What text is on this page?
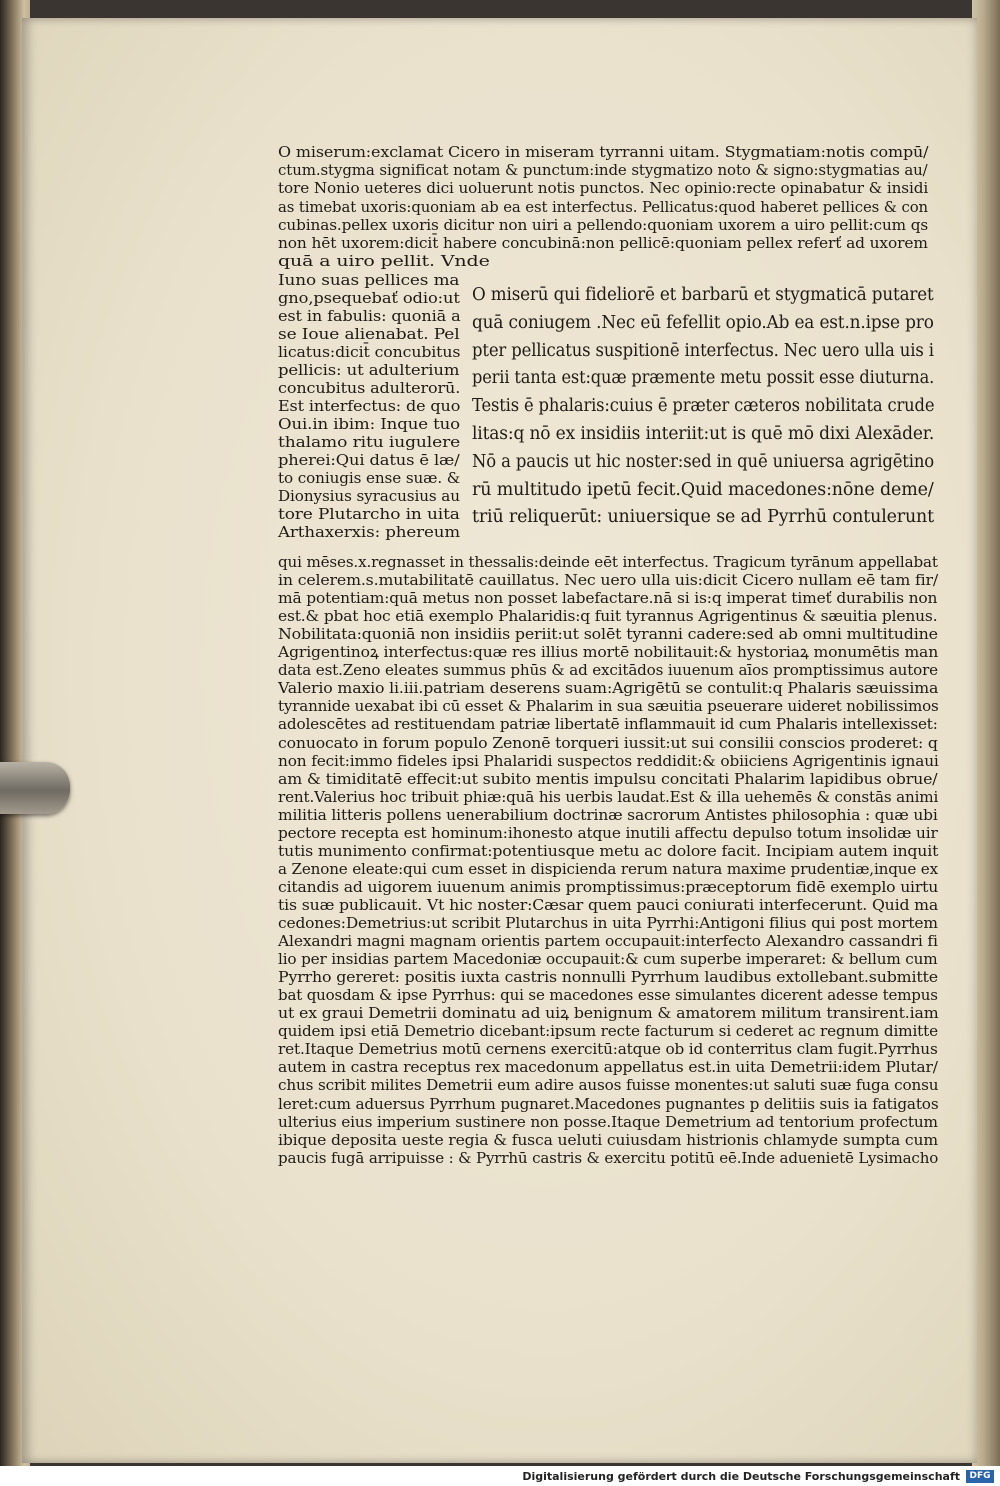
O miserum:exclamat Cicero in miseram tyrranni uitam. Stygmatiam:notis compū/
ctum.stygma significat notam & punctum:inde stygmatizo noto & signo:stygmatias au/
tore Nonio ueteres dici uoluerunt notis punctos. Nec opinio:recte opinabatur & insidi
as timebat uxoris:quoniam ab ea est interfectus. Pellicatus:quod haberet pellices & con
cubinas.pellex uxoris dicitur non uiri a pellendo:quoniam uxorem a uiro pellit:cum qs
non hēt uxorem:dicit̄ habere concubinā:non pellicē:quoniam pellex referť ad uxorem
quā a uiro pellit. Vnde
Iuno suas pellices ma
gno,psequebať odio:ut
est in fabulis: quoniā a
se Ioue alienabat. Pel
licatus:dicit̄ concubitus
pellicis: ut adulterium
concubitus adulterorū.
Est interfectus: de quo
Oui.in ibim: Inque tuo
thalamo ritu iugulere
pherei:Qui datus ē læ/
to coniugis ense suæ. &
Dionysius syracusius au
tore Plutarcho in uita
Arthaxerxis: phereum
O miserū qui fideliorē et barbarū et stygmaticā putaret
quā coniugem .Nec eū fefellit opio.Ab ea est.n.ipse pro
pter pellicatus suspitionē interfectus. Nec uero ulla uis i
perii tanta est:quæ præmente metu possit esse diuturna.
Testis ē phalaris:cuius ē præter cæteros nobilitata crude
litas:q nō ex insidiis interiit:ut is quē mō dixi Alexāder.
Nō a paucis ut hic noster:sed in quē uniuersa agrigētino
rū multitudo ipetū fecit.Quid macedones:nōne deme/
triū reliquerūt: uniuersique se ad Pyrrhū contulerunt
qui mēses.x.regnasset in thessalis:deinde eēt interfectus. Tragicum tyrānum appellabat
in celerem.s.mutabilitatē cauillatus. Nec uero ulla uis:dicit Cicero nullam eē tam fir/
mā potentiam:quā metus non posset labefactare.nā si is:q imperat timeť durabilis non
est.& pbat hoc etiā exemplo Phalaridis:q fuit tyrannus Agrigentinus & sæuitia plenus.
Nobilitata:quoniā non insidiis periit:ut solēt tyranni cadere:sed ab omni multitudine
Agrigentinoꝝ interfectus:quæ res illius mortē nobilitauit:& hystoriaꝝ monumētis man
data est.Zeno eleates summus phūs & ad excitādos iuuenum aīos promptissimus autore
Valerio maxio li.iii.patriam deserens suam:Agrigētū se contulit:q Phalaris sæuissima
tyrannide uexabat ibi cū esset & Phalarim in sua sæuitia pseuerare uideret nobilissimos
adolescētes ad restituendam patriæ libertatē inflammauit id cum Phalaris intellexisset:
conuocato in forum populo Zenonē torqueri iussit:ut sui consilii conscios proderet: q
non fecit:immo fideles ipsi Phalaridi suspectos reddidit:& obiiciens Agrigentinis ignaui
am & timiditatē effecit:ut subito mentis impulsu concitati Phalarim lapidibus obrue/
rent.Valerius hoc tribuit phiæ:quā his uerbis laudat.Est & illa uehemēs & constās animi
militia litteris pollens uenerabilium doctrinæ sacrorum Antistes philosophia : quæ ubi
pectore recepta est hominum:ihonesto atque inutili affectu depulso totum insolidæ uir
tutis munimento confirmat:potentiusque metu ac dolore facit. Incipiam autem inquit
a Zenone eleate:qui cum esset in dispicienda rerum natura maxime prudentiæ,inque ex
citandis ad uigorem iuuenum animis promptissimus:præceptorum fidē exemplo uirtu
tis suæ publicauit. Vt hic noster:Cæsar quem pauci coniurati interfecerunt. Quid ma
cedones:Demetrius:ut scribit Plutarchus in uita Pyrrhi:Antigoni filius qui post mortem
Alexandri magni magnam orientis partem occupauit:interfecto Alexandro cassandri fi
lio per insidias partem Macedoniæ occupauit:& cum superbe imperaret: & bellum cum
Pyrrho gereret: positis iuxta castris nonnulli Pyrrhum laudibus extollebant.submitte
bat quosdam & ipse Pyrrhus: qui se macedones esse simulantes dicerent adesse tempus
ut ex graui Demetrii dominatu ad uiꝝ benignum & amatorem militum transirent.iam
quidem ipsi etiā Demetrio dicebant:ipsum recte facturum si cederet ac regnum dimitte
ret.Itaque Demetrius motū cernens exercitū:atque ob id conterritus clam fugit.Pyrrhus
autem in castra receptus rex macedonum appellatus est.in uita Demetrii:idem Plutar/
chus scribit milites Demetrii eum adire ausos fuisse monentes:ut saluti suæ fuga consu
leret:cum aduersus Pyrrhum pugnaret.Macedones pugnantes p delitiis suis ia fatigatos
ulterius eius imperium sustinere non posse.Itaque Demetrium ad tentorium profectum
ibique deposita ueste regia & fusca ueluti cuiusdam histrionis chlamyde sumpta cum
paucis fugā arripuisse : & Pyrrhū castris & exercitu potitū eē.Inde aduenietē Lysimacho
Digitalisierung gefördert durch die Deutsche Forschungsgemeinschaft	DFG
